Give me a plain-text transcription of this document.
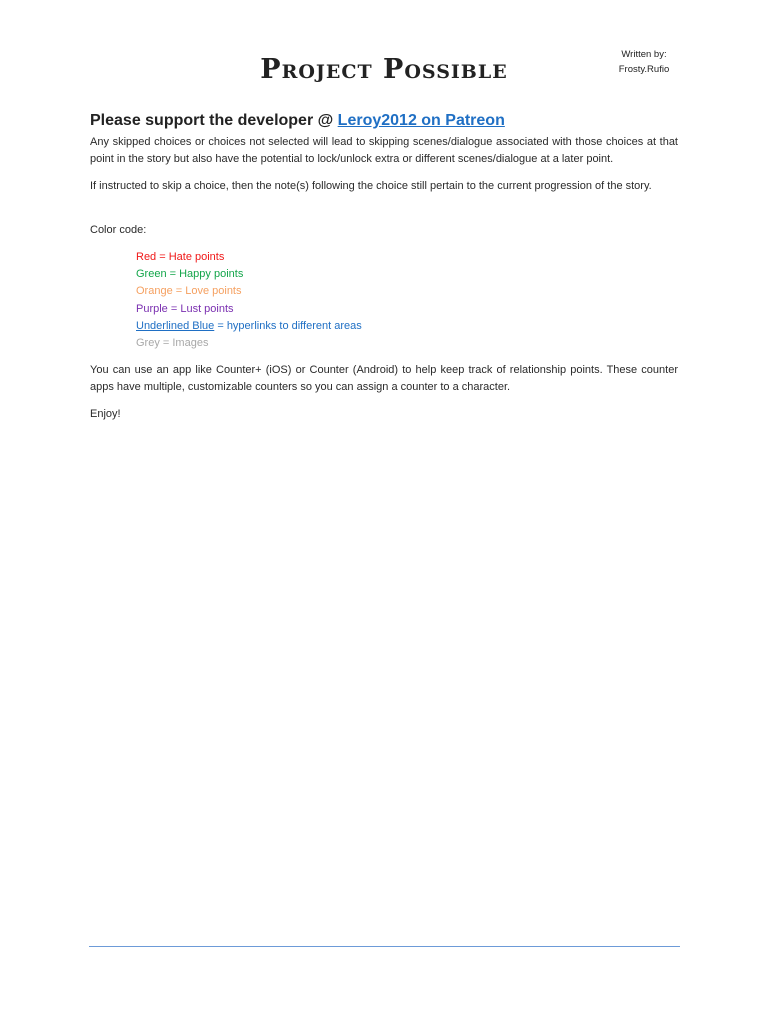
Project Possible	Written by:
Frosty.Rufio
Please support the developer @ Leroy2012 on Patreon
Any skipped choices or choices not selected will lead to skipping scenes/dialogue associated with those choices at that point in the story but also have the potential to lock/unlock extra or different scenes/dialogue at a later point.
If instructed to skip a choice, then the note(s) following the choice still pertain to the current progression of the story.
Color code:
Red = Hate points
Green = Happy points
Orange = Love points
Purple = Lust points
Underlined Blue = hyperlinks to different areas
Grey = Images
You can use an app like Counter+ (iOS) or Counter (Android) to help keep track of relationship points. These counter apps have multiple, customizable counters so you can assign a counter to a character.
Enjoy!
